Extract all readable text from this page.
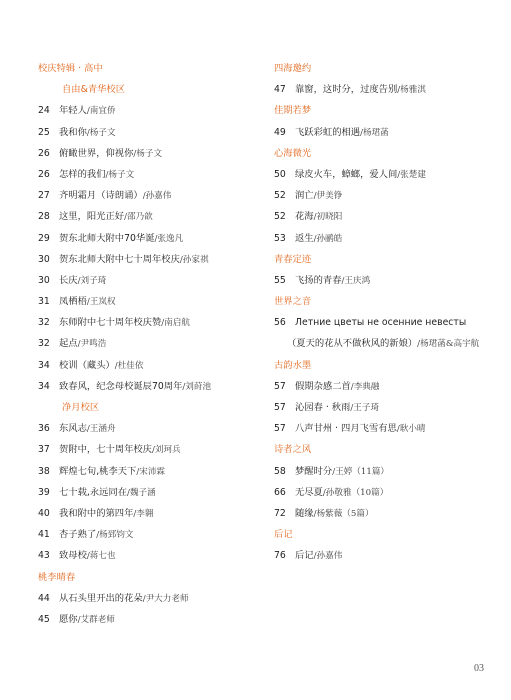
校庆特辑 · 高中
自由&青华校区
24 年轻人/南宜侨
25 我和你/杨子文
26 俯瞰世界，仰视你/杨子文
26 怎样的我们/杨子文
27 齐明霜月（诗朗诵）/孙嘉伟
28 这里，阳光正好/邵乃歆
29 贺东北师大附中70华诞/张逸凡
30 贺东北师大附中七十周年校庆/孙家祺
30 长庆/刘子琦
31 凤栖梧/王岚权
32 东师附中七十周年校庆赞/南启航
32 起点/尹鸣浩
34 校训（藏头）/杜佳依
34 致春风，纪念母校诞辰70周年/刘莳池
净月校区
36 东风志/王涵舟
37 贺附中，七十周年校庆/刘珂兵
38 辉煌七旬,桃李天下/宋沛霖
39 七十载,永远同在/魏子涵
40 我和附中的第四年/李翱
41 杏子熟了/杨郅钧文
43 致母校/蒋七也
桃李晴春
44 从石头里开出的花朵/尹大力老师
45 愿你/艾群老师
四海邀约
47 靠窗，这时分，过度告别/杨雅淇
佳期若梦
49 飞跃彩虹的相遇/杨珺菡
心海微光
50 绿皮火车，蟑螂，爱人间/张楚建
52 润亡/伊美铮
52 花海/初晓阳
53 返生/孙鹂皓
青春定迹
55 飞扬的青春/王庆鸿
世界之音
56 Летние цветы не осенние невесты
（夏天的花从不做秋风的新娘）/杨珺菡&高宇航
古韵水墨
57 假期杂感二首/李典融
57 沁园春 · 秋雨/王子琦
57 八声甘州 · 四月飞雪有思/耿小晴
诗者之风
58 梦醒时分/王婷（11篇）
66 无尽夏/孙敬雅（10篇）
72 随缘/杨紫薇（5篇）
后记
76 后记/孙嘉伟
03
